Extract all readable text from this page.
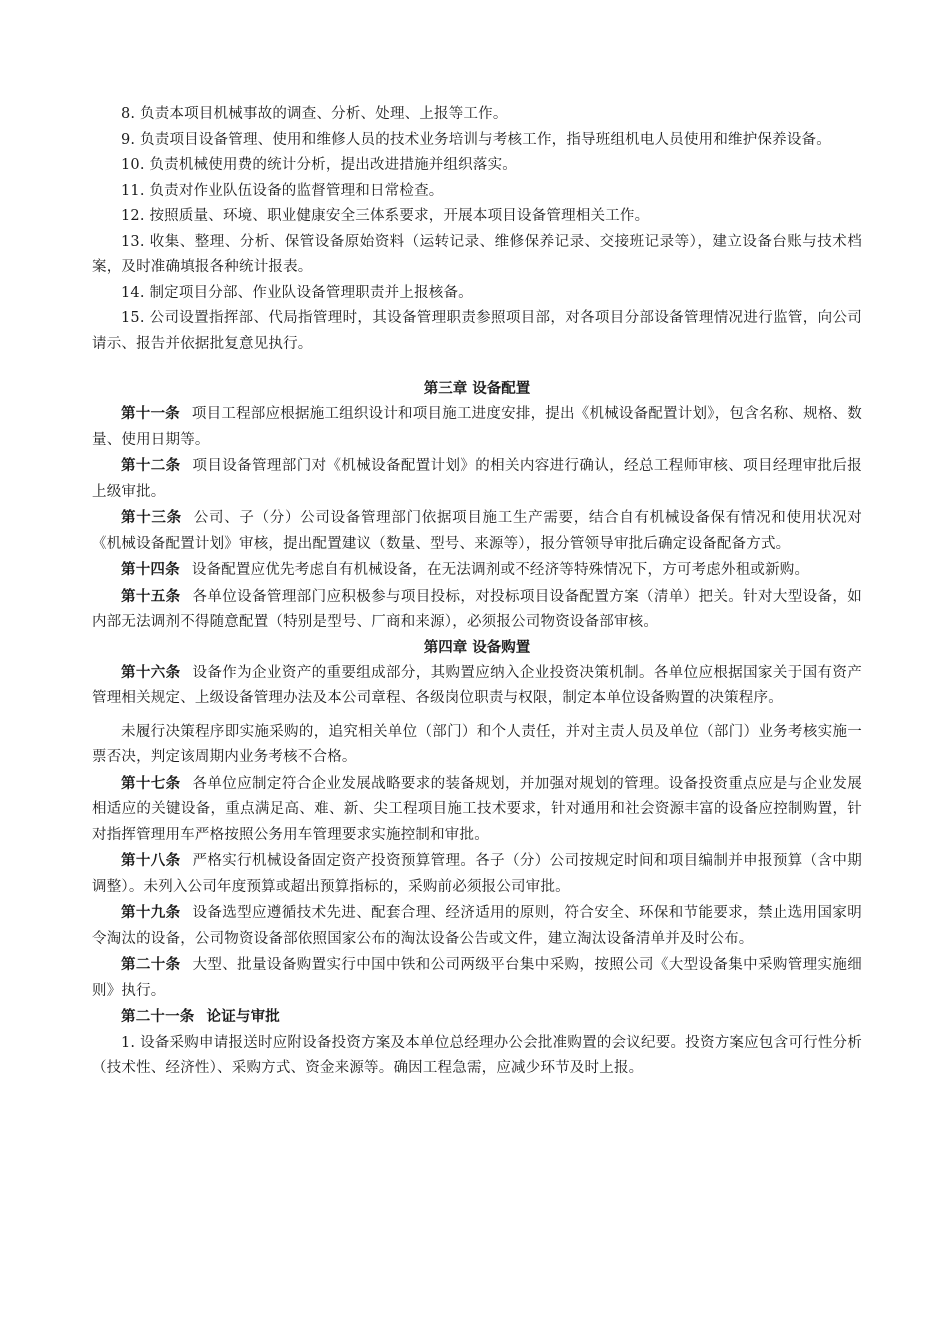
8. 负责本项目机械事故的调查、分析、处理、上报等工作。

9. 负责项目设备管理、使用和维修人员的技术业务培训与考核工作，指导班组机电人员使用和维护保养设备。

10. 负责机械使用费的统计分析，提出改进措施并组织落实。

11. 负责对作业队伍设备的监督管理和日常检查。

12. 按照质量、环境、职业健康安全三体系要求，开展本项目设备管理相关工作。

13. 收集、整理、分析、保管设备原始资料（运转记录、维修保养记录、交接班记录等），建立设备台账与技术档案，及时准确填报各种统计报表。

14. 制定项目分部、作业队设备管理职责并上报核备。

15. 公司设置指挥部、代局指管理时，其设备管理职责参照项目部，对各项目分部设备管理情况进行监管，向公司请示、报告并依据批复意见执行。

第三章 设备配置

第十一条 项目工程部应根据施工组织设计和项目施工进度安排，提出《机械设备配置计划》，包含名称、规格、数量、使用日期等。

第十二条 项目设备管理部门对《机械设备配置计划》的相关内容进行确认，经总工程师审核、项目经理审批后报上级审批。

第十三条 公司、子（分）公司设备管理部门依据项目施工生产需要，结合自有机械设备保有情况和使用状况对《机械设备配置计划》审核，提出配置建议（数量、型号、来源等），报分管领导审批后确定设备配备方式。

第十四条 设备配置应优先考虑自有机械设备，在无法调剂或不经济等特殊情况下，方可考虑外租或新购。

第十五条 各单位设备管理部门应积极参与项目投标，对投标项目设备配置方案（清单）把关。针对大型设备，如内部无法调剂不得随意配置（特别是型号、厂商和来源），必须报公司物资设备部审核。

第四章 设备购置

第十六条 设备作为企业资产的重要组成部分，其购置应纳入企业投资决策机制。各单位应根据国家关于国有资产管理相关规定、上级设备管理办法及本公司章程、各级岗位职责与权限，制定本单位设备购置的决策程序。

未履行决策程序即实施采购的，追究相关单位（部门）和个人责任，并对主责人员及单位（部门）业务考核实施一票否决，判定该周期内业务考核不合格。

第十七条 各单位应制定符合企业发展战略要求的装备规划，并加强对规划的管理。设备投资重点应是与企业发展相适应的关键设备，重点满足高、难、新、尖工程项目施工技术要求，针对通用和社会资源丰富的设备应控制购置，针对指挥管理用车严格按照公务用车管理要求实施控制和审批。

第十八条 严格实行机械设备固定资产投资预算管理。各子（分）公司按规定时间和项目编制并申报预算（含中期调整）。未列入公司年度预算或超出预算指标的，采购前必须报公司审批。

第十九条 设备选型应遵循技术先进、配套合理、经济适用的原则，符合安全、环保和节能要求，禁止选用国家明令淘汰的设备，公司物资设备部依照国家公布的淘汰设备公告或文件，建立淘汰设备清单并及时公布。

第二十条 大型、批量设备购置实行中国中铁和公司两级平台集中采购，按照公司《大型设备集中采购管理实施细则》执行。

第二十一条 论证与审批

1. 设备采购申请报送时应附设备投资方案及本单位总经理办公会批准购置的会议纪要。投资方案应包含可行性分析（技术性、经济性）、采购方式、资金来源等。确因工程急需，应减少环节及时上报。
